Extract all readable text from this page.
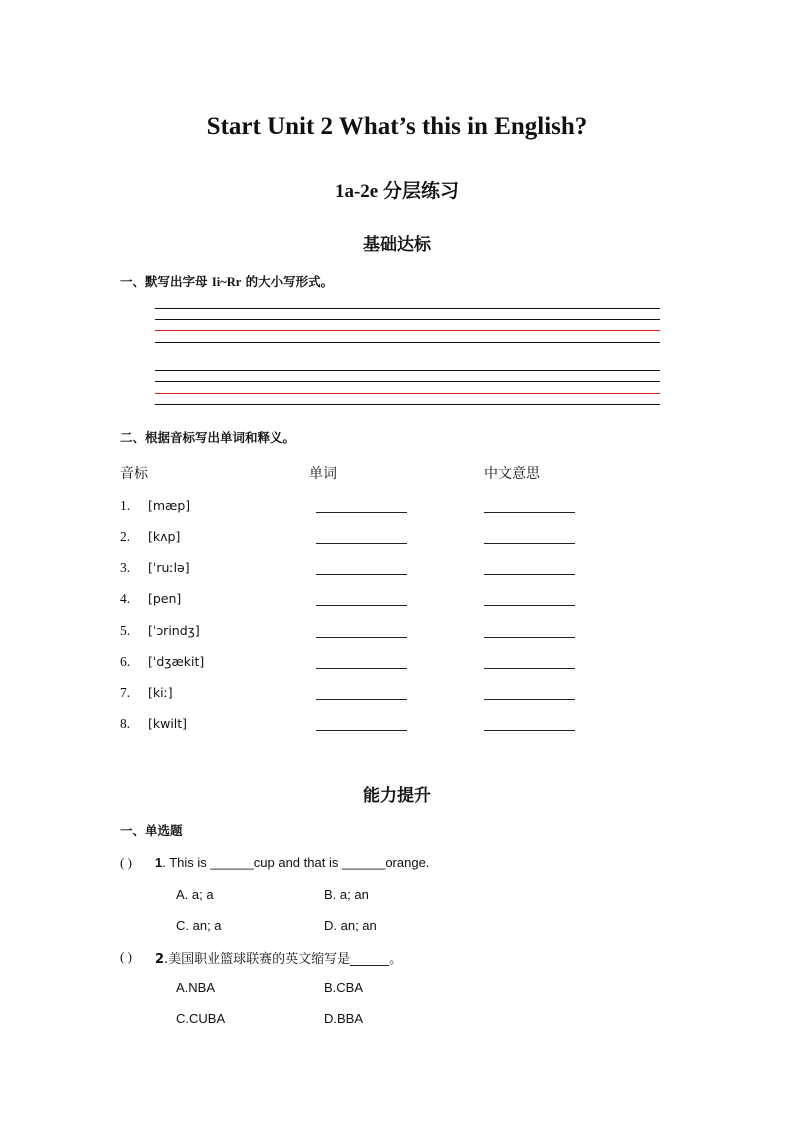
Start Unit 2 What’s this in English?
1a-2e 分层练习
基础达标
一、默写出字母 Ii~Rr 的大小写形式。
二、根据音标写出单词和释义。
音标	单词	中文意思
1. [mæp]
2. [kʌp]
3. [ˈruːlə]
4. [pen]
5. [ˈɔrindʒ]
6. [ˈdʒækit]
7. [kiː]
8. [kwilt]
能力提升
一、单选题
( ) 1. This is ______cup and that is ______orange.
A. a; a	B. a; an
C. an; a	D. an; an
( ) 2.美国职业篮球联赛的英文缩写是______。
A.NBA	B.CBA
C.CUBA	D.BBA
